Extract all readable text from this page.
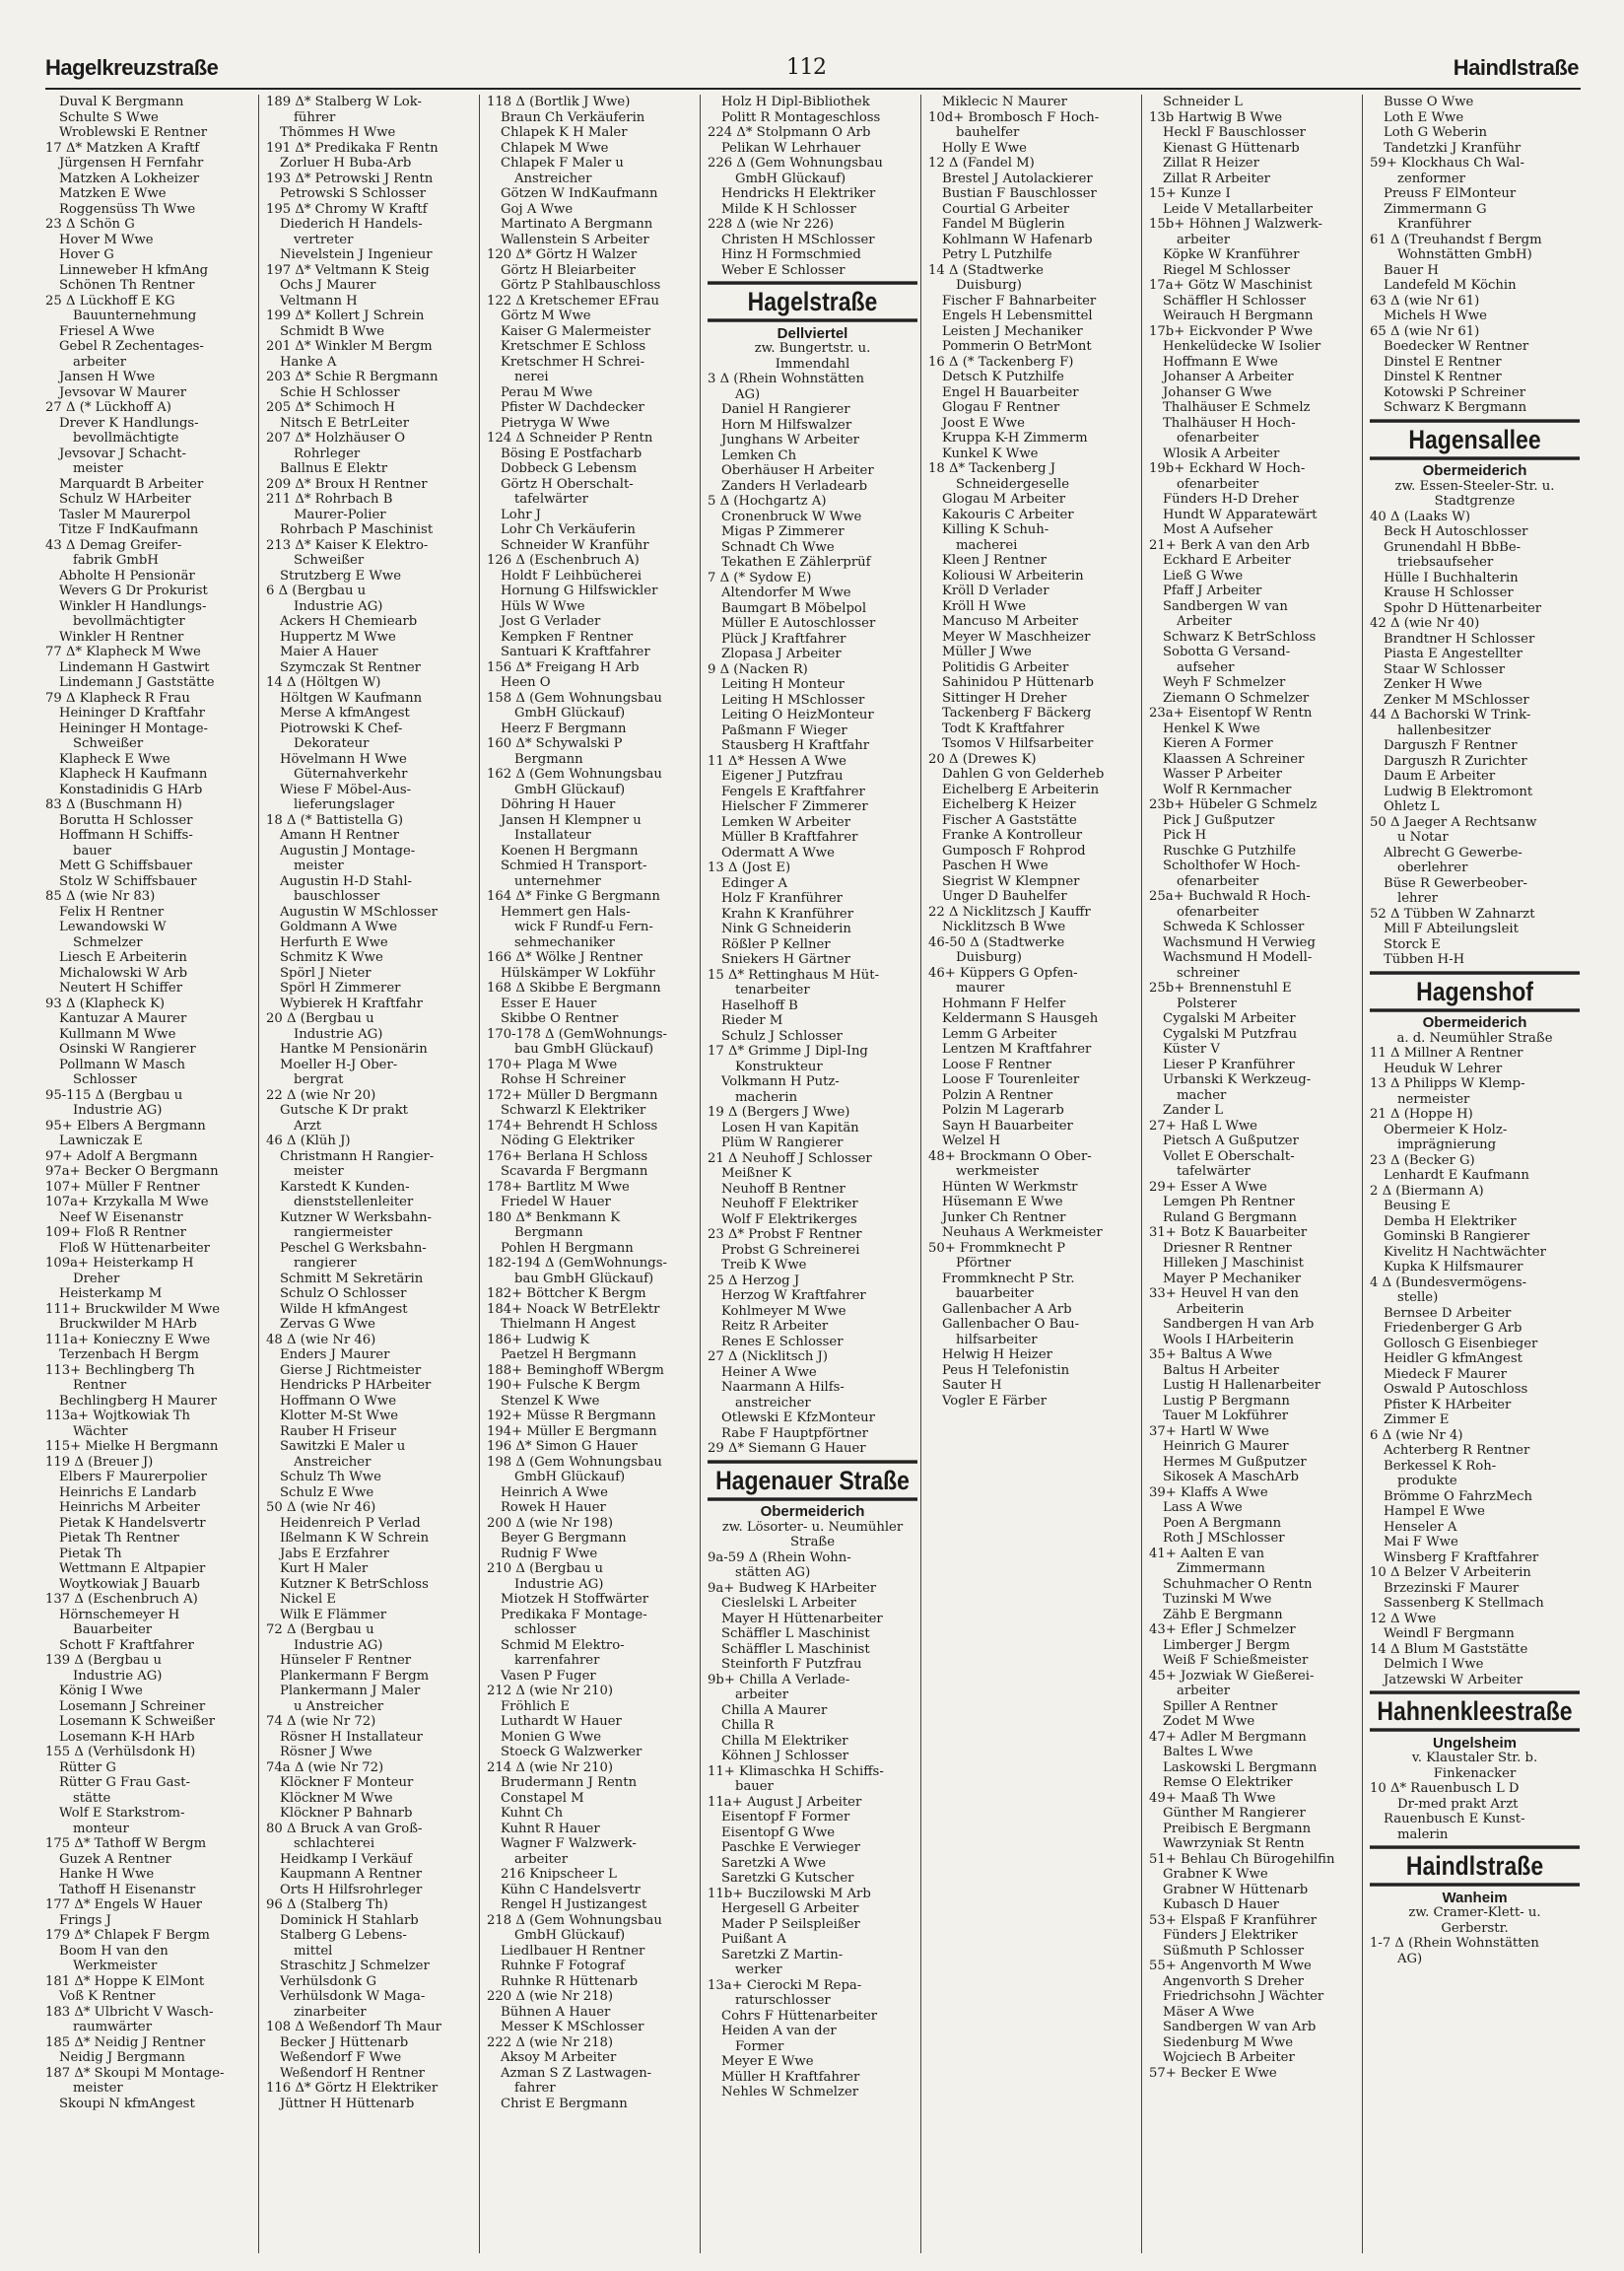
Hagelkreuzstraße	112	Haindlstraße
Duval K Bergmann
Schulte S Wwe
Wroblewski E Rentner
17 Δ* Matzken A Kraftf
Jürgensen H Fernfahr
Matzken A Lokheizer
Matzken E Wwe
Roggensüss Th Wwe
23 Δ Schön G
Hover M Wwe
Hover G
Linneweber H kfmAng
Schönen Th Rentner
25 Δ Lückhoff E KG
Bauunternehmung
Friesel A Wwe
Gebel R Zechentages-
arbeiter
Jansen H Wwe
Jevsovar W Maurer
27 Δ (* Lückhoff A)
Drever K Handlungs-
bevollmächtigte
Jevsovar J Schacht-
meister
Marquardt B Arbeiter
Schulz W HArbeiter
Tasler M Maurerpol
Titze F IndKaufmann
43 Δ Demag Greifer-
fabrik GmbH
Abholte H Pensionär
Wevers G Dr Prokurist
Winkler H Handlungs-
bevollmächtigter
Winkler H Rentner
77 Δ* Klapheck M Wwe
Lindemann H Gastwirt
Lindemann J Gaststätte
79 Δ Klapheck R Frau
Heininger D Kraftfahr
Heininger H Montage-
Schweißer
Klapheck E Wwe
Klapheck H Kaufmann
Konstadinidis G HArb
83 Δ (Buschmann H)
Borutta H Schlosser
Hoffmann H Schiffs-
bauer
Mett G Schiffsbauer
Stolz W Schiffsbauer
85 Δ (wie Nr 83)
Felix H Rentner
Lewandowski W
Schmelzer
Liesch E Arbeiterin
Michalowski W Arb
Neutert H Schiffer
93 Δ (Klapheck K)
Kantuzar A Maurer
Kullmann M Wwe
Osinski W Rangierer
Pollmann W Masch
Schlosser
95-115 Δ (Bergbau u
Industrie AG)
95+ Elbers A Bergmann
Lawniczak E
97+ Adolf A Bergmann
97a+ Becker O Bergmann
107+ Müller F Rentner
107a+ Krzykalla M Wwe
Neef W Eisenanstr
109+ Floß R Rentner
Floß W Hüttenarbeiter
109a+ Heisterkamp H
Dreher
Heisterkamp M
111+ Bruckwilder M Wwe
Bruckwilder M HArb
111a+ Konieczny E Wwe
Terzenbach H Bergm
113+ Bechlingberg Th
Rentner
Bechlingberg H Maurer
113a+ Wojtkowiak Th
Wächter
115+ Mielke H Bergmann
119 Δ (Breuer J)
Elbers F Maurerpolier
Heinrichs E Landarb
Heinrichs M Arbeiter
Pietak K Handelsvertr
Pietak Th Rentner
Pietak Th
Wettmann E Altpapier
Woytkowiak J Bauarb
137 Δ (Eschenbruch A)
Hörnschemeyer H
Bauarbeiter
Schott F Kraftfahrer
139 Δ (Bergbau u
Industrie AG)
König I Wwe
Losemann J Schreiner
Losemann K Schweißer
Losemann K-H HArb
155 Δ (Verhülsdonk H)
Rütter G
Rütter G Frau Gast-
stätte
Wolf E Starkstrom-
monteur
175 Δ* Tathoff W Bergm
Guzek A Rentner
Hanke H Wwe
Tathoff H Eisenanstr
177 Δ* Engels W Hauer
Frings J
179 Δ* Chlapek F Bergm
Boom H van den
Werkmeister
181 Δ* Hoppe K ElMont
Voß K Rentner
183 Δ* Ulbricht V Wasch-
raumwärter
185 Δ* Neidig J Rentner
Neidig J Bergmann
187 Δ* Skoupi M Montage-
meister
Skoupi N kfmAngest
189 Δ* Stalberg W Lok-
führer
Thömmes H Wwe
191 Δ* Predikaka F Rentn
Zorluer H Buba-Arb
193 Δ* Petrowski J Rentn
Petrowski S Schlosser
195 Δ* Chromy W Kraftf
Diederich H Handels-
vertreter
Nievelstein J Ingenieur
197 Δ* Veltmann K Steig
Ochs J Maurer
Veltmann H
199 Δ* Kollert J Schrein
Schmidt B Wwe
201 Δ* Winkler M Bergm
Hanke A
203 Δ* Schie R Bergmann
Schie H Schlosser
205 Δ* Schimoch H
Nitsch E BetrLeiter
207 Δ* Holzhäuser O
Rohrleger
Ballnus E Elektr
209 Δ* Broux H Rentner
211 Δ* Rohrbach B
Maurer-Polier
Rohrbach P Maschinist
213 Δ* Kaiser K Elektro-
Schweißer
Strutzberg E Wwe
6 Δ (Bergbau u
Industrie AG)
Ackers H Chemiearb
Huppertz M Wwe
Maier A Hauer
Szymczak St Rentner
14 Δ (Höltgen W)
Höltgen W Kaufmann
Merse A kfmAngest
Piotrowski K Chef-
Dekorateur
Hövelmann H Wwe
Güternahverkehr
Wiese F Möbel-Aus-
lieferungslager
18 Δ (* Battistella G)
Amann H Rentner
Augustin J Montage-
meister
Augustin H-D Stahl-
bauschlosser
Augustin W MSchlosser
Goldmann A Wwe
Herfurth E Wwe
Schmitz K Wwe
Spörl J Nieter
Spörl H Zimmerer
Wybierek H Kraftfahr
20 Δ (Bergbau u
Industrie AG)
Hantke M Pensionärin
Moeller H-J Ober-
bergrat
22 Δ (wie Nr 20)
Gutsche K Dr prakt
Arzt
46 Δ (Klüh J)
Christmann H Rangier-
meister
Karstedt K Kunden-
dienststellenleiter
Kutzner W Werksbahn-
rangiermeister
Peschel G Werksbahn-
rangierer
Schmitt M Sekretärin
Schulz O Schlosser
Wilde H kfmAngest
Zervas G Wwe
48 Δ (wie Nr 46)
Enders J Maurer
Gierse J Richtmeister
Hendricks P HArbeiter
Hoffmann O Wwe
Klotter M-St Wwe
Rauber H Friseur
Sawitzki E Maler u
Anstreicher
Schulz Th Wwe
Schulz E Wwe
50 Δ (wie Nr 46)
Heidenreich P Verlad
Ißelmann K W Schrein
Jabs E Erzfahrer
Kurt H Maler
Kutzner K BetrSchloss
Nickel E
Wilk E Flämmer
72 Δ (Bergbau u
Industrie AG)
Hünseler F Rentner
Plankermann F Bergm
Plankermann J Maler
u Anstreicher
74 Δ (wie Nr 72)
Rösner H Installateur
Rösner J Wwe
74a Δ (wie Nr 72)
Klöckner F Monteur
Klöckner M Wwe
Klöckner P Bahnarb
80 Δ Bruck A van Groß-
schlachterei
Heidkamp I Verkäuf
Kaupmann A Rentner
Orts H Hilfsrohrleger
96 Δ (Stalberg Th)
Dominick H Stahlarb
Stalberg G Lebens-
mittel
Straschitz J Schmelzer
Verhülsdonk G
Verhülsdonk W Maga-
zinarbeiter
108 Δ Weßendorf Th Maur
Becker J Hüttenarb
Weßendorf F Wwe
Weßendorf H Rentner
116 Δ* Görtz H Elektriker
Jüttner H Hüttenarb
118 Δ (Bortlik J Wwe)
Braun Ch Verkäuferin
Chlapek K H Maler
Chlapek M Wwe
Chlapek F Maler u
Anstreicher
Götzen W IndKaufmann
Goj A Wwe
Martinato A Bergmann
Wallenstein S Arbeiter
120 Δ* Görtz H Walzer
Görtz H Bleiarbeiter
Görtz P Stahlbauschloss
122 Δ Kretschemer EFrau
Görtz M Wwe
Kaiser G Malermeister
Kretschmer E Schloss
Kretschmer H Schrei-
nerei
Perau M Wwe
Pfister W Dachdecker
Pietryga W Wwe
124 Δ Schneider P Rentn
Bösing E Postfacharb
Dobbeck G Lebensm
Görtz H Oberschalt-
tafelwärter
Lohr J
Lohr Ch Verkäuferin
Schneider W Kranführ
126 Δ (Eschenbruch A)
Holdt F Leihbücherei
Hornung G Hilfswickler
Hüls W Wwe
Jost G Verlader
Kempken F Rentner
Santuari K Kraftfahrer
156 Δ* Freigang H Arb
Heen O
158 Δ (Gem Wohnungsbau
GmbH Glückauf)
Heerz F Bergmann
160 Δ* Schywalski P
Bergmann
162 Δ (Gem Wohnungsbau
GmbH Glückauf)
Döhring H Hauer
Jansen H Klempner u
Installateur
Koenen H Bergmann
Schmied H Transport-
unternehmer
164 Δ* Finke G Bergmann
Hemmert gen Hals-
wick F Rundf-u Fern-
sehmechaniker
166 Δ* Wölke J Rentner
Hülskämper W Lokführ
168 Δ Skibbe E Bergmann
Esser E Hauer
Skibbe O Rentner
170-178 Δ (GemWohnungs-
bau GmbH Glückauf)
170+ Plaga M Wwe
Rohse H Schreiner
172+ Müller D Bergmann
Schwarzl K Elektriker
174+ Behrendt H Schloss
Nöding G Elektriker
176+ Berlana H Schloss
Scavarda F Bergmann
178+ Bartlitz M Wwe
Friedel W Hauer
180 Δ* Benkmann K
Bergmann
Pohlen H Bergmann
182-194 Δ (GemWohnungs-
bau GmbH Glückauf)
182+ Böttcher K Bergm
184+ Noack W BetrElektr
Thielmann H Angest
186+ Ludwig K
Paetzel H Bergmann
188+ Beminghoff WBergm
190+ Fulsche K Bergm
Stenzel K Wwe
192+ Müsse R Bergmann
194+ Müller E Bergmann
196 Δ* Simon G Hauer
198 Δ (Gem Wohnungsbau
GmbH Glückauf)
Heinrich A Wwe
Rowek H Hauer
200 Δ (wie Nr 198)
Beyer G Bergmann
Rudnig F Wwe
210 Δ (Bergbau u
Industrie AG)
Miotzek H Stoffwärter
Predikaka F Montage-
schlosser
Schmid M Elektro-
karrenfahrer
Vasen P Fuger
212 Δ (wie Nr 210)
Fröhlich E
Luthardt W Hauer
Monien G Wwe
Stoeck G Walzwerker
214 Δ (wie Nr 210)
Brudermann J Rentn
Constapel M
Kuhnt Ch
Kuhnt R Hauer
Wagner F Walzwerk-
arbeiter
216 Knipscheer L
Kühn C Handelsvertr
Rengel H Justizangest
218 Δ (Gem Wohnungsbau
GmbH Glückauf)
Liedlbauer H Rentner
Ruhnke F Fotograf
Ruhnke R Hüttenarb
220 Δ (wie Nr 218)
Bühnen A Hauer
Messer K MSchlosser
222 Δ (wie Nr 218)
Aksoy M Arbeiter
Azman S Z Lastwagen-
fahrer
Christ E Bergmann
Holz H Dipl-Bibliothek
Politt R Montageschloss
224 Δ* Stolpmann O Arb
Pelikan W Lehrhauer
226 Δ (Gem Wohnungsbau
GmbH Glückauf)
Hendricks H Elektriker
Milde K H Schlosser
228 Δ (wie Nr 226)
Christen H MSchlosser
Hinz H Formschmied
Weber E Schlosser
Hagelstraße
Dellviertel
zw. Bungertstr. u.
Immendahl
3 Δ (Rhein Wohnstätten
AG)
Daniel H Rangierer
Horn M Hilfswalzer
Junghans W Arbeiter
Lemken Ch
Oberhäuser H Arbeiter
Zanders H Verladearb
5 Δ (Hochgartz A)
Cronenbruck W Wwe
Migas P Zimmerer
Schnadt Ch Wwe
Tekathen E Zählerprüf
7 Δ (* Sydow E)
Altendorfer M Wwe
Baumgart B Möbelpol
Müller E Autoschlosser
Plück J Kraftfahrer
Zlopasa J Arbeiter
9 Δ (Nacken R)
Leiting H Monteur
Leiting H MSchlosser
Leiting O HeizMonteur
Paßmann F Wieger
Stausberg H Kraftfahr
11 Δ* Hessen A Wwe
Eigener J Putzfrau
Fengels E Kraftfahrer
Hielscher F Zimmerer
Lemken W Arbeiter
Müller B Kraftfahrer
Odermatt A Wwe
13 Δ (Jost E)
Edinger A
Holz F Kranführer
Krahn K Kranführer
Nink G Schneiderin
Rößler P Kellner
Sniekers H Gärtner
15 Δ* Rettinghaus M Hüt-
tenarbeiter
Haselhoff B
Rieder M
Schulz J Schlosser
17 Δ* Grimme J Dipl-Ing
Konstrukteur
Volkmann H Putz-
macherin
19 Δ (Bergers J Wwe)
Losen H van Kapitän
Plüm W Rangierer
21 Δ Neuhoff J Schlosser
Meißner K
Neuhoff B Rentner
Neuhoff F Elektriker
Wolf F Elektrikerges
23 Δ* Probst F Rentner
Probst G Schreinerei
Treib K Wwe
25 Δ Herzog J
Herzog W Kraftfahrer
Kohlmeyer M Wwe
Reitz R Arbeiter
Renes E Schlosser
27 Δ (Nicklitsch J)
Heiner A Wwe
Naarmann A Hilfs-
anstreicher
Otlewski E KfzMonteur
Rabe F Hauptpförtner
29 Δ* Siemann G Hauer
Hagenauer Straße
Obermeiderich
zw. Lösorter- u. Neumühler
Straße
9a-59 Δ (Rhein Wohn-
stätten AG)
9a+ Budweg K HArbeiter
Cieslelski L Arbeiter
Mayer H Hüttenarbeiter
Schäffler L Maschinist
Schäffler L Maschinist
Steinforth F Putzfrau
9b+ Chilla A Verlade-
arbeiter
Chilla A Maurer
Chilla R
Chilla M Elektriker
Köhnen J Schlosser
11+ Klimaschka H Schiffs-
bauer
11a+ August J Arbeiter
Eisentopf F Former
Eisentopf G Wwe
Paschke E Verwieger
Saretzki A Wwe
Saretzki G Kutscher
11b+ Buczilowski M Arb
Hergesell G Arbeiter
Mader P Seilspleißer
Puißant A
Saretzki Z Martin-
werker
13a+ Cierocki M Repa-
raturschlosser
Cohrs F Hüttenarbeiter
Heiden A van der
Former
Meyer E Wwe
Müller H Kraftfahrer
Nehles W Schmelzer
Miklecic N Maurer
10d+ Brombosch F Hoch-
bauhelfer
Holly E Wwe
12 Δ (Fandel M)
Brestel J Autolackierer
Bustian F Bauschlosser
Courtial G Arbeiter
Fandel M Büglerin
Kohlmann W Hafenarb
Petry L Putzhilfe
14 Δ (Stadtwerke
Duisburg)
Fischer F Bahnarbeiter
Engels H Lebensmittel
Leisten J Mechaniker
Pommerin O BetrMont
16 Δ (* Tackenberg F)
Detsch K Putzhilfe
Engel H Bauarbeiter
Glogau F Rentner
Joost E Wwe
Kruppa K-H Zimmerm
Kunkel K Wwe
18 Δ* Tackenberg J
Schneidergeselle
Glogau M Arbeiter
Kakouris C Arbeiter
Killing K Schuh-
macherei
Kleen J Rentner
Koliousi W Arbeiterin
Kröll D Verlader
Kröll H Wwe
Mancuso M Arbeiter
Meyer W Maschheizer
Müller J Wwe
Politidis G Arbeiter
Sahinidou P Hüttenarb
Sittinger H Dreher
Tackenberg F Bäckerg
Todt K Kraftfahrer
Tsomos V Hilfsarbeiter
20 Δ (Drewes K)
Dahlen G von Gelderheb
Eichelberg E Arbeiterin
Eichelberg K Heizer
Fischer A Gaststätte
Franke A Kontrolleur
Gumposch F Rohprod
Paschen H Wwe
Siegrist W Klempner
Unger D Bauhelfer
22 Δ Nicklitzsch J Kauffr
Nicklitzsch B Wwe
46-50 Δ (Stadtwerke
Duisburg)
46+ Küppers G Opfen-
maurer
Hohmann F Helfer
Keldermann S Hausgeh
Lemm G Arbeiter
Lentzen M Kraftfahrer
Loose F Rentner
Loose F Tourenleiter
Polzin A Rentner
Polzin M Lagerarb
Sayn H Bauarbeiter
Welzel H
48+ Brockmann O Ober-
werkmeister
Hünten W Werkmstr
Hüsemann E Wwe
Junker Ch Rentner
Neuhaus A Werkmeister
50+ Frommknecht P
Pförtner
Frommknecht P Str.
bauarbeiter
Gallenbacher A Arb
Gallenbacher O Bau-
hilfsarbeiter
Helwig H Heizer
Peus H Telefonistin
Sauter H
Vogler E Färber
Schneider L
13b Hartwig B Wwe
Heckl F Bauschlosser
Kienast G Hüttenarb
Zillat R Heizer
Zillat R Arbeiter
15+ Kunze I
Leide V Metallarbeiter
15b+ Höhnen J Walzwerk-
arbeiter
Köpke W Kranführer
Riegel M Schlosser
17a+ Götz W Maschinist
Schäffler H Schlosser
Weirauch H Bergmann
17b+ Eickvonder P Wwe
Henkelüdecke W Isolier
Hoffmann E Wwe
Johanser A Arbeiter
Johanser G Wwe
Thalhäuser E Schmelz
Thalhäuser H Hoch-
ofenarbeiter
Wlosik A Arbeiter
19b+ Eckhard W Hoch-
ofenarbeiter
Fünders H-D Dreher
Hundt W Apparatewärt
Most A Aufseher
21+ Berk A van den Arb
Eckhard E Arbeiter
Ließ G Wwe
Pfaff J Arbeiter
Sandbergen W van
Arbeiter
Schwarz K BetrSchloss
Sobotta G Versand-
aufseher
Weyh F Schmelzer
Ziemann O Schmelzer
23a+ Eisentopf W Rentn
Henkel K Wwe
Kieren A Former
Klaassen A Schreiner
Wasser P Arbeiter
Wolf R Kernmacher
23b+ Hübeler G Schmelz
Pick J Gußputzer
Pick H
Ruschke G Putzhilfe
Scholthofer W Hoch-
ofenarbeiter
25a+ Buchwald R Hoch-
ofenarbeiter
Schweda K Schlosser
Wachsmund H Verwieg
Wachsmund H Modell-
schreiner
25b+ Brennenstuhl E
Polsterer
Cygalski M Arbeiter
Cygalski M Putzfrau
Küster V
Lieser P Kranführer
Urbanski K Werkzeug-
macher
Zander L
27+ Haß L Wwe
Pietsch A Gußputzer
Vollet E Oberschalt-
tafelwärter
29+ Esser A Wwe
Lemgen Ph Rentner
Ruland G Bergmann
31+ Botz K Bauarbeiter
Driesner R Rentner
Hilleken J Maschinist
Mayer P Mechaniker
33+ Heuvel H van den
Arbeiterin
Sandbergen H van Arb
Wools I HArbeiterin
35+ Baltus A Wwe
Baltus H Arbeiter
Lustig H Hallenarbeiter
Lustig P Bergmann
Tauer M Lokführer
37+ Hartl W Wwe
Heinrich G Maurer
Hermes M Gußputzer
Sikosek A MaschArb
39+ Klaffs A Wwe
Lass A Wwe
Poen A Bergmann
Roth J MSchlosser
41+ Aalten E van
Zimmermann
Schuhmacher O Rentn
Tuzinski M Wwe
Zähb E Bergmann
43+ Efler J Schmelzer
Limberger J Bergm
Weiß F Schießmeister
45+ Jozwiak W Gießerei-
arbeiter
Spiller A Rentner
Zodet M Wwe
47+ Adler M Bergmann
Baltes L Wwe
Laskowski L Bergmann
Remse O Elektriker
49+ Maaß Th Wwe
Günther M Rangierer
Preibisch E Bergmann
Wawrzyniak St Rentn
51+ Behlau Ch Bürogehilfin
Grabner K Wwe
Grabner W Hüttenarb
Kubasch D Hauer
53+ Elspaß F Kranführer
Fünders J Elektriker
Süßmuth P Schlosser
55+ Angenvorth M Wwe
Angenvorth S Dreher
Friedrichsohn J Wächter
Mäser A Wwe
Sandbergen W van Arb
Siedenburg M Wwe
Wojciech B Arbeiter
57+ Becker E Wwe
Busse O Wwe
Loth E Wwe
Loth G Weberin
Tandetzki J Kranführ
59+ Klockhaus Ch Wal-
zenformer
Preuss F ElMonteur
Zimmermann G
Kranführer
61 Δ (Treuhandst f Bergm
Wohnstätten GmbH)
Bauer H
Landefeld M Köchin
63 Δ (wie Nr 61)
Michels H Wwe
65 Δ (wie Nr 61)
Boedecker W Rentner
Dinstel E Rentner
Dinstel K Rentner
Kotowski P Schreiner
Schwarz K Bergmann
Hagensallee
Obermeiderich
zw. Essen-Steeler-Str. u.
Stadtgrenze
40 Δ (Laaks W)
Beck H Autoschlosser
Grunendahl H BbBe-
triebsaufseher
Hülle I Buchhalterin
Krause H Schlosser
Spohr D Hüttenarbeiter
42 Δ (wie Nr 40)
Brandtner H Schlosser
Piasta E Angestellter
Staar W Schlosser
Zenker H Wwe
Zenker M MSchlosser
44 Δ Bachorski W Trink-
hallenbesitzer
Darguszh F Rentner
Darguszh R Zurichter
Daum E Arbeiter
Ludwig B Elektromont
Ohletz L
50 Δ Jaeger A Rechtsanw
u Notar
Albrecht G Gewerbe-
oberlehrer
Büse R Gewerbeober-
lehrer
52 Δ Tübben W Zahnarzt
Mill F Abteilungsleit
Storck E
Tübben H-H
Hagenshof
Obermeiderich
a. d. Neumühler Straße
11 Δ Millner A Rentner
Heuduk W Lehrer
13 Δ Philipps W Klemp-
nermeister
21 Δ (Hoppe H)
Obermeier K Holz-
imprägnierung
23 Δ (Becker G)
Lenhardt E Kaufmann
2 Δ (Biermann A)
Beusing E
Demba H Elektriker
Gominski B Rangierer
Kivelitz H Nachtwächter
Kupka K Hilfsmaurer
4 Δ (Bundesvermögens-
stelle)
Bernsee D Arbeiter
Friedenberger G Arb
Gollosch G Eisenbieger
Heidler G kfmAngest
Miedeck F Maurer
Oswald P Autoschloss
Pfister K HArbeiter
Zimmer E
6 Δ (wie Nr 4)
Achterberg R Rentner
Berkessel K Roh-
produkte
Brömme O FahrzMech
Hampel E Wwe
Henseler A
Mai F Wwe
Winsberg F Kraftfahrer
10 Δ Belzer V Arbeiterin
Brzezinski F Maurer
Sassenberg K Stellmach
12 Δ Wwe
Weindl F Bergmann
14 Δ Blum M Gaststätte
Delmich I Wwe
Jatzewski W Arbeiter
Hahnenkleestraße
Ungelsheim
v. Klaustaler Str. b.
Finkenacker
10 Δ* Rauenbusch L D
Dr-med prakt Arzt
Rauenbusch E Kunst-
malerin
Haindlstraße
Wanheim
zw. Cramer-Klett- u.
Gerberstr.
1-7 Δ (Rhein Wohnstätten
AG)
